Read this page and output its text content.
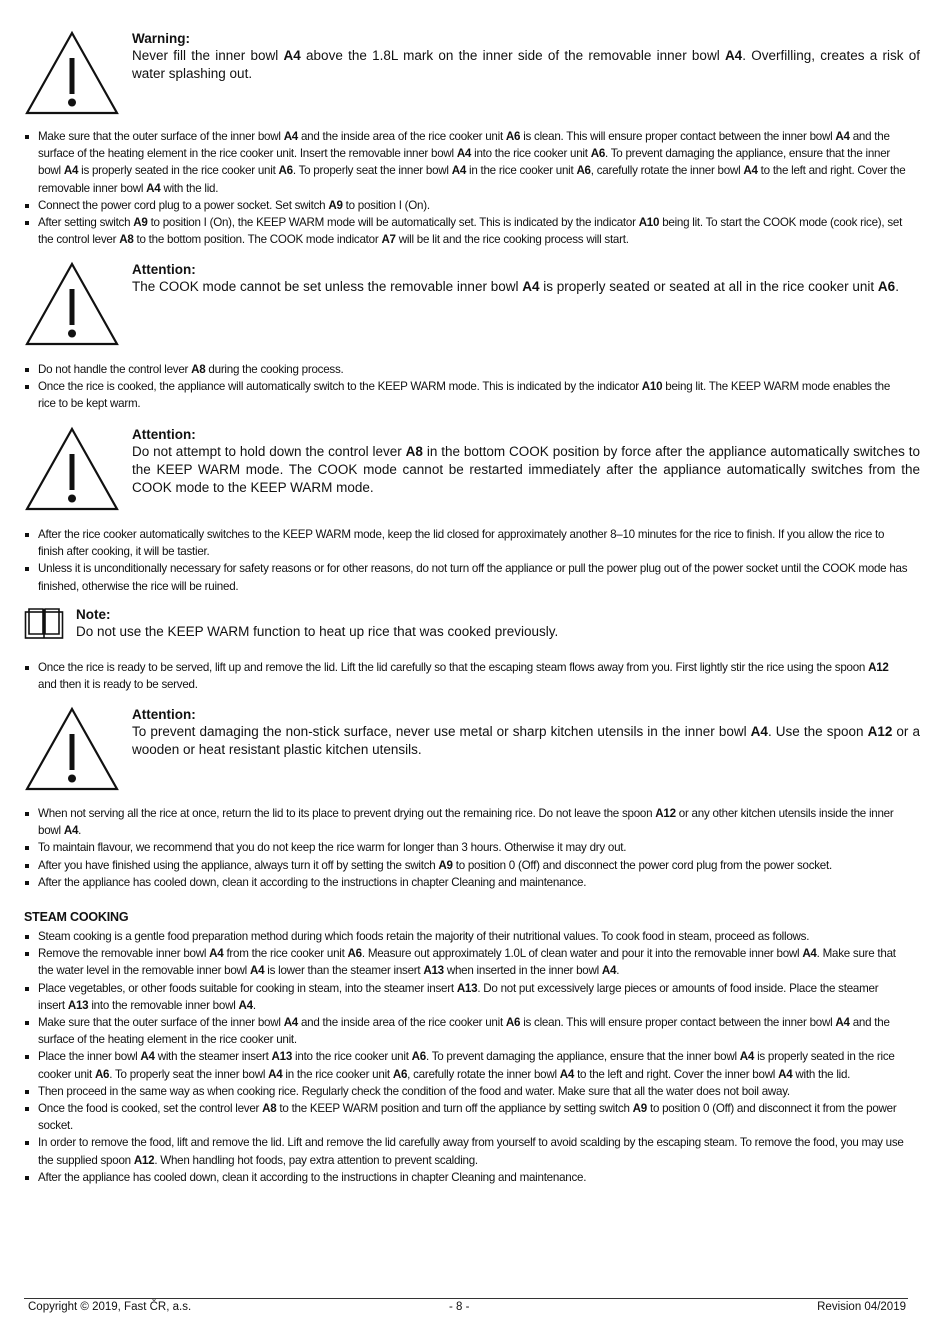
Warning:
Never fill the inner bowl A4 above the 1.8L mark on the inner side of the removable inner bowl A4. Overfilling, creates a risk of water splashing out.
Make sure that the outer surface of the inner bowl A4 and the inside area of the rice cooker unit A6 is clean. This will ensure proper contact between the inner bowl A4 and the surface of the heating element in the rice cooker unit. Insert the removable inner bowl A4 into the rice cooker unit A6. To prevent damaging the appliance, ensure that the inner bowl A4 is properly seated in the rice cooker unit A6. To properly seat the inner bowl A4 in the rice cooker unit A6, carefully rotate the inner bowl A4 to the left and right. Cover the removable inner bowl A4 with the lid.
Connect the power cord plug to a power socket. Set switch A9 to position I (On).
After setting switch A9 to position I (On), the KEEP WARM mode will be automatically set. This is indicated by the indicator A10 being lit. To start the COOK mode (cook rice), set the control lever A8 to the bottom position. The COOK mode indicator A7 will be lit and the rice cooking process will start.
Attention:
The COOK mode cannot be set unless the removable inner bowl A4 is properly seated or seated at all in the rice cooker unit A6.
Do not handle the control lever A8 during the cooking process.
Once the rice is cooked, the appliance will automatically switch to the KEEP WARM mode. This is indicated by the indicator A10 being lit. The KEEP WARM mode enables the rice to be kept warm.
Attention:
Do not attempt to hold down the control lever A8 in the bottom COOK position by force after the appliance automatically switches to the KEEP WARM mode. The COOK mode cannot be restarted immediately after the appliance automatically switches from the COOK mode to the KEEP WARM mode.
After the rice cooker automatically switches to the KEEP WARM mode, keep the lid closed for approximately another 8–10 minutes for the rice to finish. If you allow the rice to finish after cooking, it will be tastier.
Unless it is unconditionally necessary for safety reasons or for other reasons, do not turn off the appliance or pull the power plug out of the power socket until the COOK mode has finished, otherwise the rice will be ruined.
Note:
Do not use the KEEP WARM function to heat up rice that was cooked previously.
Once the rice is ready to be served, lift up and remove the lid. Lift the lid carefully so that the escaping steam flows away from you. First lightly stir the rice using the spoon A12 and then it is ready to be served.
Attention:
To prevent damaging the non-stick surface, never use metal or sharp kitchen utensils in the inner bowl A4. Use the spoon A12 or a wooden or heat resistant plastic kitchen utensils.
When not serving all the rice at once, return the lid to its place to prevent drying out the remaining rice. Do not leave the spoon A12 or any other kitchen utensils inside the inner bowl A4.
To maintain flavour, we recommend that you do not keep the rice warm for longer than 3 hours. Otherwise it may dry out.
After you have finished using the appliance, always turn it off by setting the switch A9 to position 0 (Off) and disconnect the power cord plug from the power socket.
After the appliance has cooled down, clean it according to the instructions in chapter Cleaning and maintenance.
STEAM COOKING
Steam cooking is a gentle food preparation method during which foods retain the majority of their nutritional values. To cook food in steam, proceed as follows.
Remove the removable inner bowl A4 from the rice cooker unit A6. Measure out approximately 1.0L of clean water and pour it into the removable inner bowl A4. Make sure that the water level in the removable inner bowl A4 is lower than the steamer insert A13 when inserted in the inner bowl A4.
Place vegetables, or other foods suitable for cooking in steam, into the steamer insert A13. Do not put excessively large pieces or amounts of food inside. Place the steamer insert A13 into the removable inner bowl A4.
Make sure that the outer surface of the inner bowl A4 and the inside area of the rice cooker unit A6 is clean. This will ensure proper contact between the inner bowl A4 and the surface of the heating element in the rice cooker unit.
Place the inner bowl A4 with the steamer insert A13 into the rice cooker unit A6. To prevent damaging the appliance, ensure that the inner bowl A4 is properly seated in the rice cooker unit A6. To properly seat the inner bowl A4 in the rice cooker unit A6, carefully rotate the inner bowl A4 to the left and right. Cover the inner bowl A4 with the lid.
Then proceed in the same way as when cooking rice. Regularly check the condition of the food and water. Make sure that all the water does not boil away.
Once the food is cooked, set the control lever A8 to the KEEP WARM position and turn off the appliance by setting switch A9 to position 0 (Off) and disconnect it from the power socket.
In order to remove the food, lift and remove the lid. Lift and remove the lid carefully away from yourself to avoid scalding by the escaping steam. To remove the food, you may use the supplied spoon A12. When handling hot foods, pay extra attention to prevent scalding.
After the appliance has cooled down, clean it according to the instructions in chapter Cleaning and maintenance.
Copyright © 2019, Fast ČR, a.s.	- 8 -	Revision 04/2019
